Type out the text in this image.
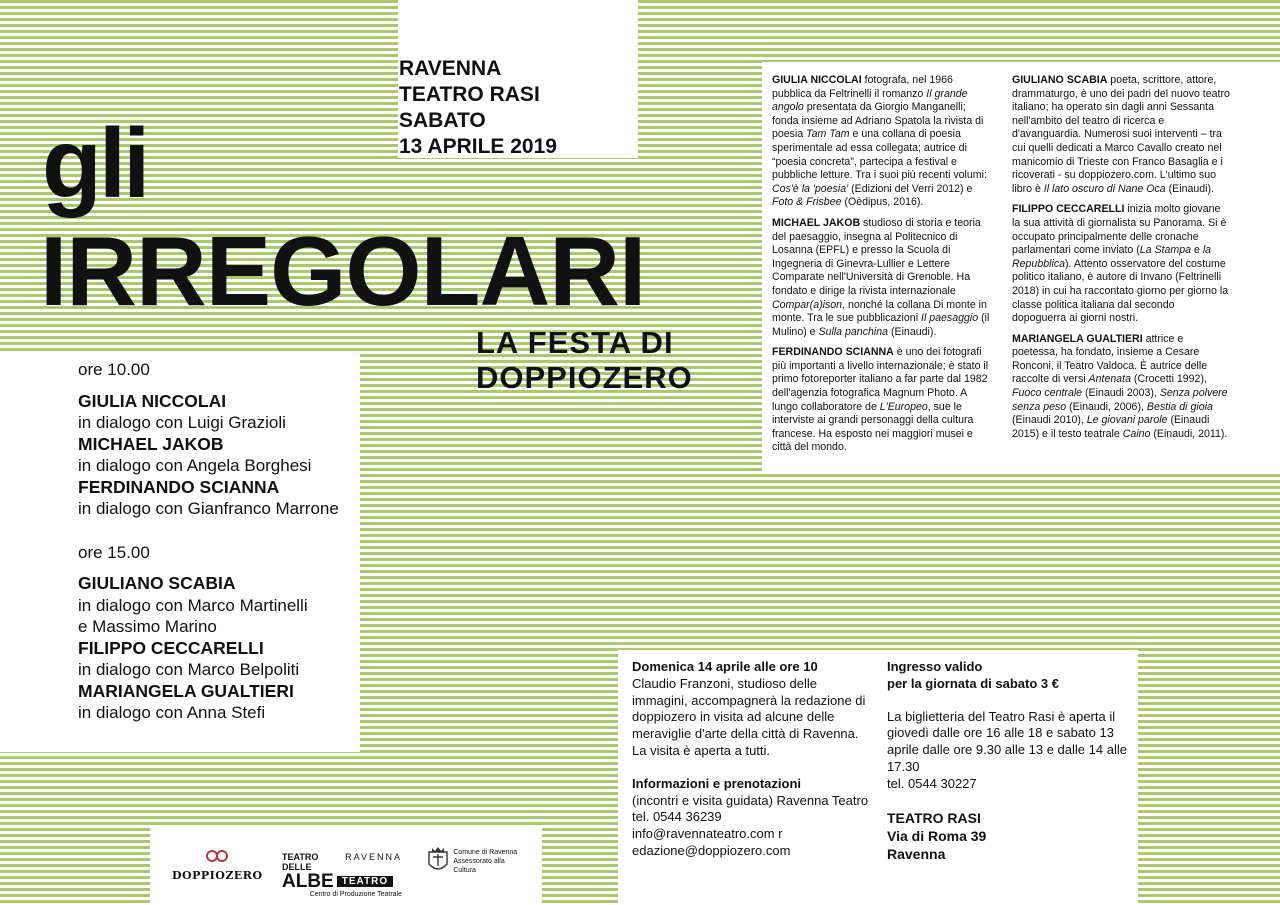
RAVENNA
TEATRO RASI
SABATO
13 APRILE 2019
gli
IRREGOLARI
LA FESTA DI
DOPPIOZERO
ore 10.00
GIULIA NICCOLAI
in dialogo con Luigi Grazioli
MICHAEL JAKOB
in dialogo con Angela Borghesi
FERDINANDO SCIANNA
in dialogo con Gianfranco Marrone
ore 15.00
GIULIANO SCABIA
in dialogo con Marco Martinelli
e Massimo Marino
FILIPPO CECCARELLI
in dialogo con Marco Belpoliti
MARIANGELA GUALTIERI
in dialogo con Anna Stefi

GIULIA NICCOLAI fotografa, nel 1966 pubblica da Feltrinelli il romanzo Il grande angolo presentata da Giorgio Manganelli; fonda insieme ad Adriano Spatola la rivista di poesia Tam Tam e una collana di poesia sperimentale ad essa collegata; autrice di “poesia concreta”, partecipa a festival e pubbliche letture. Tra i suoi più recenti volumi: Cos'è la 'poesia' (Edizioni del Verri 2012) e Foto & Frisbee (Oèdipus, 2016).

MICHAEL JAKOB studioso di storia e teoria del paesaggio, insegna al Politecnico di Losanna (EPFL) e presso la Scuola di Ingegneria di Ginevra-Lullier e Lettere Comparate nell'Università di Grenoble. Ha fondato e dirige la rivista internazionale Compar(a)ison, nonché la collana Di monte in monte. Tra le sue pubblicazioni Il paesaggio (il Mulino) e Sulla panchina (Einaudi).

FERDINANDO SCIANNA è uno dei fotografi più importanti a livello internazionale; è stato il primo fotoreporter italiano a far parte dal 1982 dell'agenzia fotografica Magnum Photo. A lungo collaboratore de L'Europeo, sue le interviste ai grandi personaggi della cultura francese. Ha esposto nei maggiori musei e città del mondo.

GIULIANO SCABIA poeta, scrittore, attore, drammaturgo, è uno dei padri del nuovo teatro italiano; ha operato sin dagli anni Sessanta nell'ambito del teatro di ricerca e d'avanguardia. Numerosi suoi interventi – tra cui quelli dedicati a Marco Cavallo creato nel manicomio di Trieste con Franco Basaglia e i ricoverati - su doppiozero.com. L'ultimo suo libro è Il lato oscuro di Nane Oca (Einaudi).

FILIPPO CECCARELLI inizia molto giovane la sua attività di giornalista su Panorama. Si è occupato principalmente delle cronache parlamentari come inviato (La Stampa e la Repubblica). Attento osservatore del costume politico italiano, è autore di Invano (Feltrinelli 2018) in cui ha raccontato giorno per giorno la classe politica italiana dal secondo dopoguerra ai giorni nostri.

MARIANGELA GUALTIERI attrice e poetessa, ha fondato, insieme a Cesare Ronconi, il Teatro Valdoca. È autrice delle raccolte di versi Antenata (Crocetti 1992), Fuoco centrale (Einaudi 2003), Senza polvere senza peso (Einaudi, 2006), Bestia di gioia (Einaudi 2010), Le giovani parole (Einaudi 2015) e il testo teatrale Caino (Einaudi, 2011).

Domenica 14 aprile alle ore 10
Claudio Franzoni, studioso delle immagini, accompagnerà la redazione di doppiozero in visita ad alcune delle meraviglie d'arte della città di Ravenna. La visita è aperta a tutti.

Informazioni e prenotazioni
(incontri e visita guidata) Ravenna Teatro
tel. 0544 36239
info@ravennateatro.com r
edazione@doppiozero.com

Ingresso valido
per la giornata di sabato 3 €

La biglietteria del Teatro Rasi è aperta il giovedì dalle ore 16 alle 18 e sabato 13 aprile dalle ore 9.30 alle 13 e dalle 14 alle 17.30
tel. 0544 30227

TEATRO RASI
Via di Roma 39
Ravenna
DOPPIOZERO
TEATRO DELLE
RAVENNA
ALBE TEATRO
Centro di Produzione Teatrale
Comune di Ravenna
Assessorato alla Cultura
